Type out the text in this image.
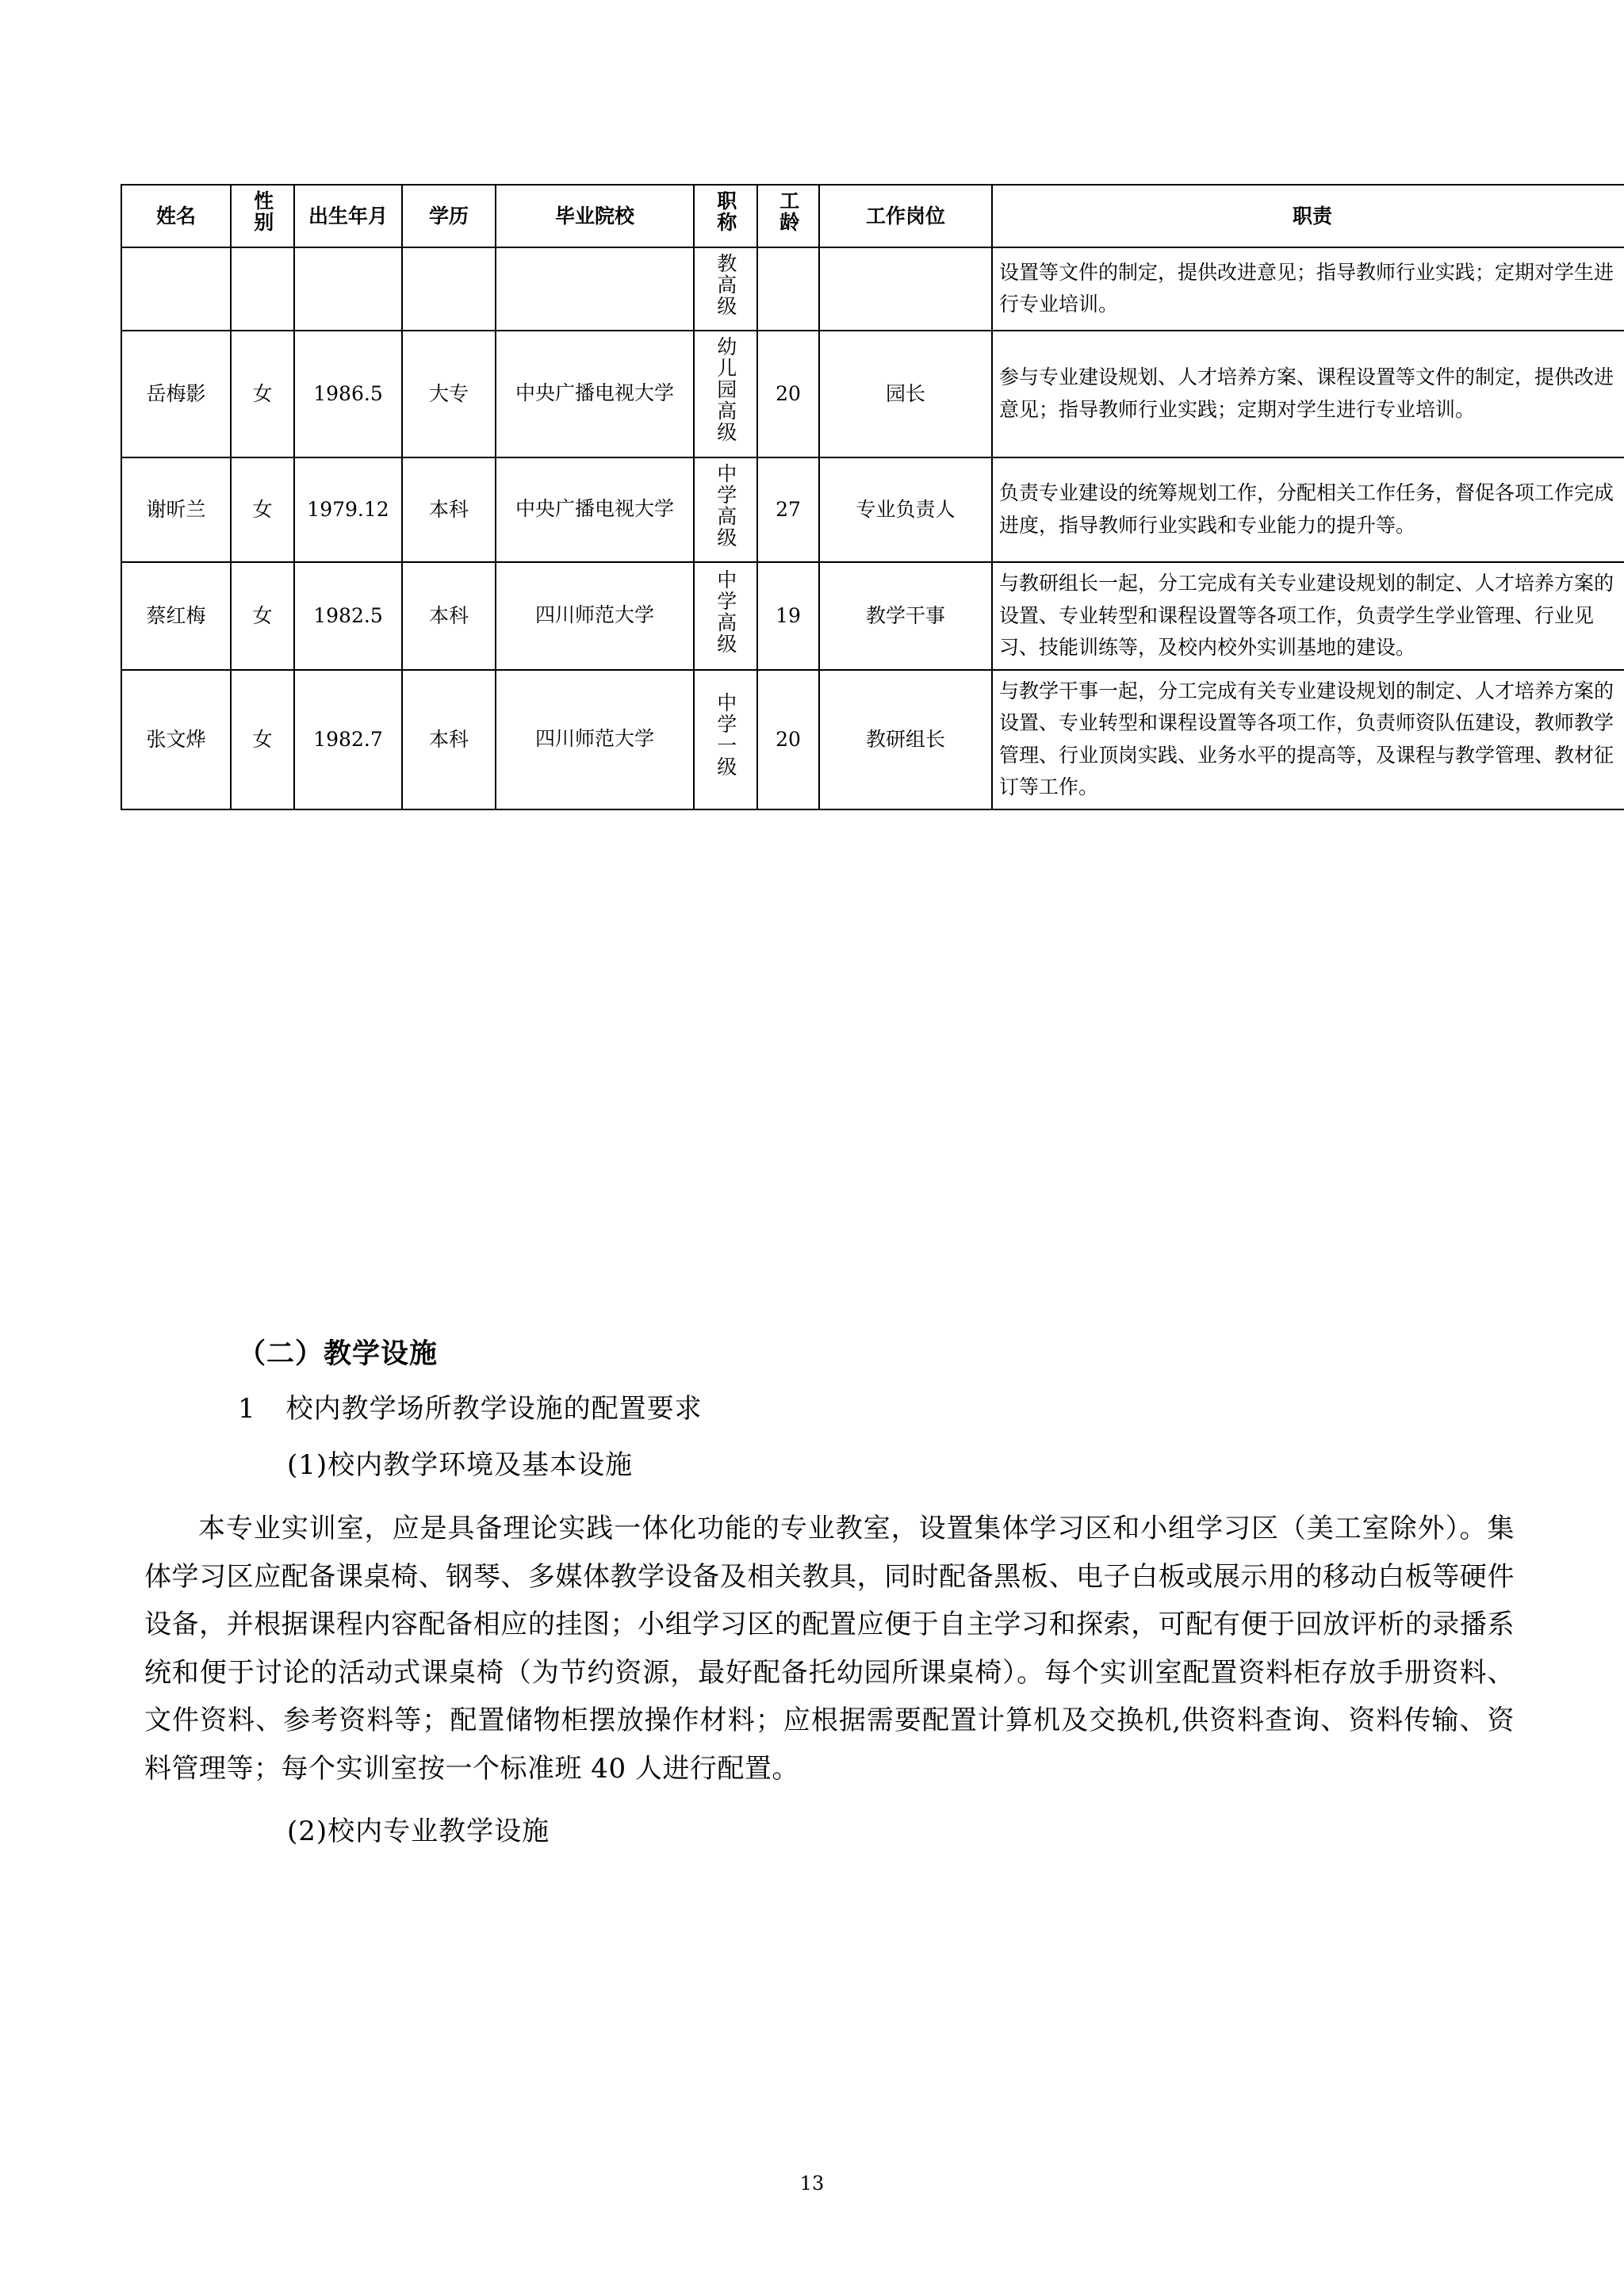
姓名	性别	出生年月	学历	毕业院校	职称	工龄	工作岗位	职责
					教高级			设置等文件的制定，提供改进意见；指导教师行业实践；定期对学生进行专业培训。
岳梅影	女	1986.5	大专	中央广播电视大学	幼儿园高级	20	园长	参与专业建设规划、人才培养方案、课程设置等文件的制定，提供改进意见；指导教师行业实践；定期对学生进行专业培训。
谢昕兰	女	1979.12	本科	中央广播电视大学	中学高级	27	专业负责人	负责专业建设的统筹规划工作，分配相关工作任务，督促各项工作完成进度，指导教师行业实践和专业能力的提升等。
蔡红梅	女	1982.5	本科	四川师范大学	中学高级	19	教学干事	与教研组长一起，分工完成有关专业建设规划的制定、人才培养方案的设置、专业转型和课程设置等各项工作，负责学生学业管理、行业见习、技能训练等，及校内校外实训基地的建设。
张文烨	女	1982.7	本科	四川师范大学	中学一级	20	教研组长	与教学干事一起，分工完成有关专业建设规划的制定、人才培养方案的设置、专业转型和课程设置等各项工作，负责师资队伍建设，教师教学管理、行业顶岗实践、业务水平的提高等，及课程与教学管理、教材征订等工作。
（二）教学设施
1 校内教学场所教学设施的配置要求
(1)校内教学环境及基本设施
本专业实训室，应是具备理论实践一体化功能的专业教室，设置集体学习区和小组学习区（美工室除外）。集体学习区应配备课桌椅、钢琴、多媒体教学设备及相关教具，同时配备黑板、电子白板或展示用的移动白板等硬件设备，并根据课程内容配备相应的挂图；小组学习区的配置应便于自主学习和探索，可配有便于回放评析的录播系统和便于讨论的活动式课桌椅（为节约资源，最好配备托幼园所课桌椅）。每个实训室配置资料柜存放手册资料、文件资料、参考资料等；配置储物柜摆放操作材料；应根据需要配置计算机及交换机,供资料查询、资料传输、资料管理等；每个实训室按一个标准班 40 人进行配置。
(2)校内专业教学设施
13
